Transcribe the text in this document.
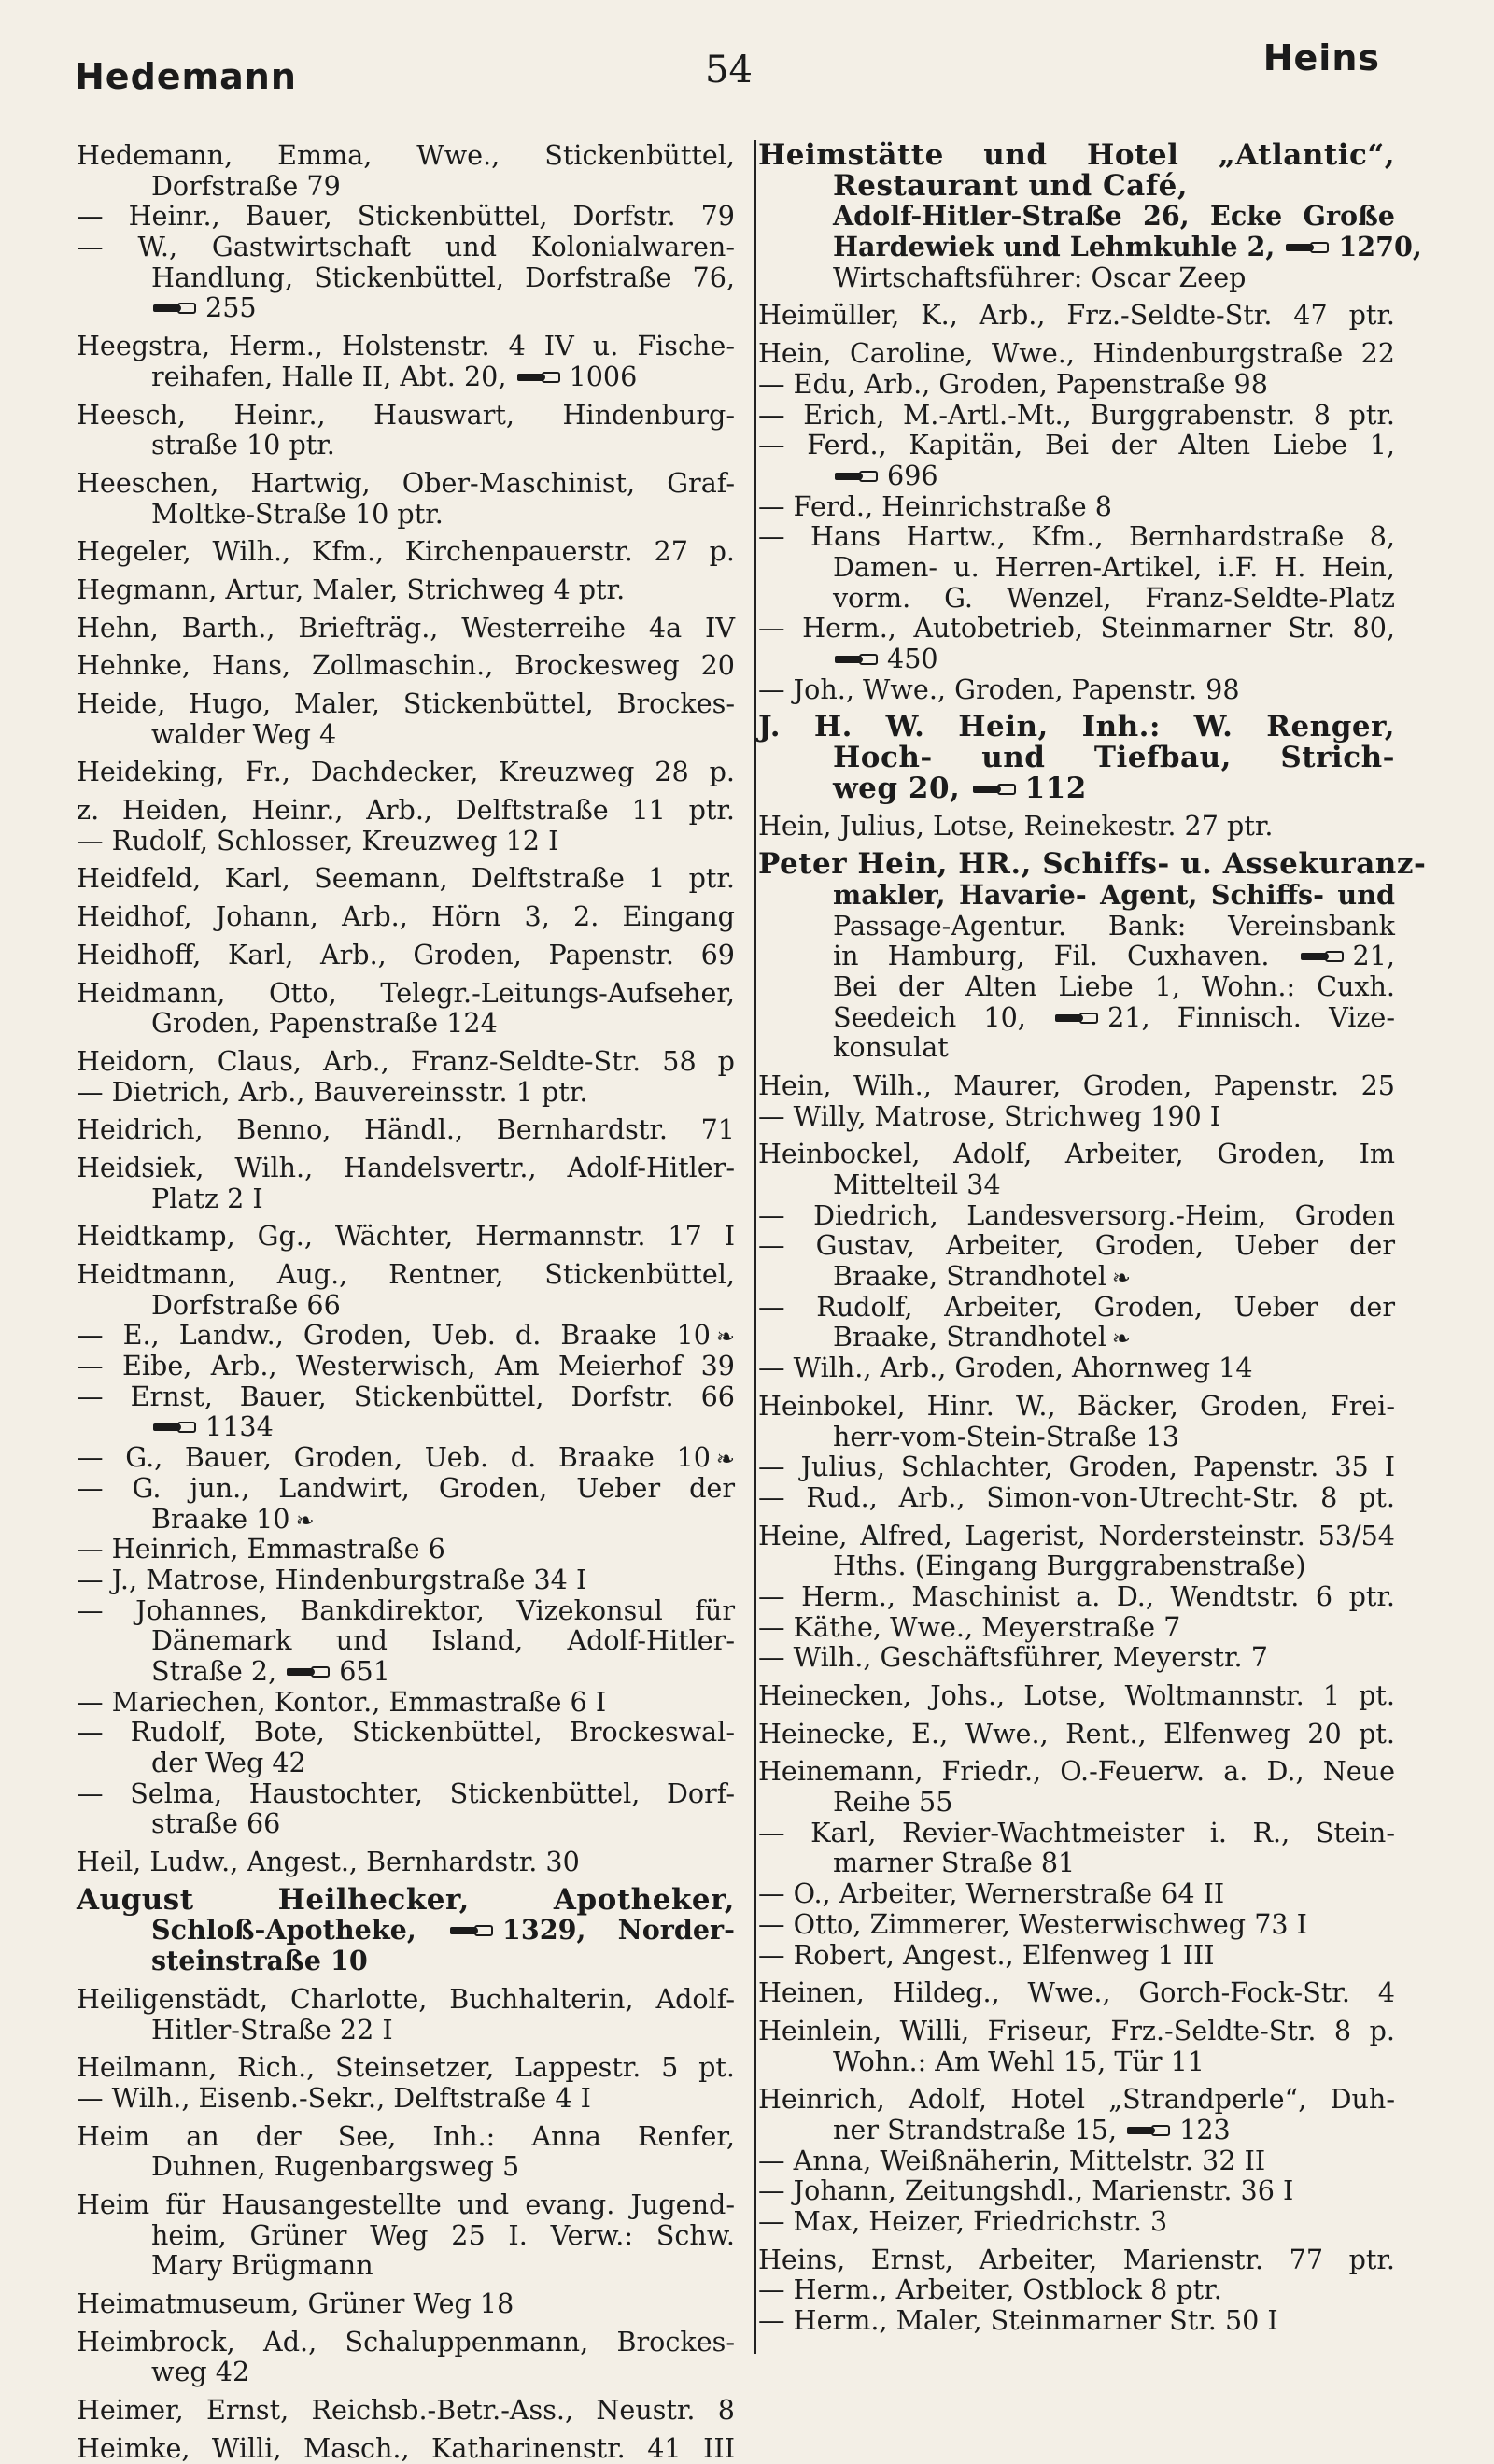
Hedemann	54	Heins
Hedemann, Emma, Wwe., Stickenbüttel,
Dorfstraße 79
— Heinr., Bauer, Stickenbüttel, Dorfstr. 79
— W., Gastwirtschaft und Kolonialwaren-
Handlung, Stickenbüttel, Dorfstraße 76,
255
Heegstra, Herm., Holstenstr. 4 IV u. Fische-
reihafen, Halle II, Abt. 20, 1006
Heesch, Heinr., Hauswart, Hindenburg-
straße 10 ptr.
Heeschen, Hartwig, Ober-Maschinist, Graf-
Moltke-Straße 10 ptr.
Hegeler, Wilh., Kfm., Kirchenpauerstr. 27 p.
Hegmann, Artur, Maler, Strichweg 4 ptr.
Hehn, Barth., Briefträg., Westerreihe 4a IV
Hehnke, Hans, Zollmaschin., Brockesweg 20
Heide, Hugo, Maler, Stickenbüttel, Brockes-
walder Weg 4
Heideking, Fr., Dachdecker, Kreuzweg 28 p.
z. Heiden, Heinr., Arb., Delftstraße 11 ptr.
— Rudolf, Schlosser, Kreuzweg 12 I
Heidfeld, Karl, Seemann, Delftstraße 1 ptr.
Heidhof, Johann, Arb., Hörn 3, 2. Eingang
Heidhoff, Karl, Arb., Groden, Papenstr. 69
Heidmann, Otto, Telegr.-Leitungs-Aufseher,
Groden, Papenstraße 124
Heidorn, Claus, Arb., Franz-Seldte-Str. 58 p
— Dietrich, Arb., Bauvereinsstr. 1 ptr.
Heidrich, Benno, Händl., Bernhardstr. 71
Heidsiek, Wilh., Handelsvertr., Adolf-Hitler-
Platz 2 I
Heidtkamp, Gg., Wächter, Hermannstr. 17 I
Heidtmann, Aug., Rentner, Stickenbüttel,
Dorfstraße 66
— E., Landw., Groden, Ueb. d. Braake 10 ❧
— Eibe, Arb., Westerwisch, Am Meierhof 39
— Ernst, Bauer, Stickenbüttel, Dorfstr. 66
1134
— G., Bauer, Groden, Ueb. d. Braake 10 ❧
— G. jun., Landwirt, Groden, Ueber der
Braake 10 ❧
— Heinrich, Emmastraße 6
— J., Matrose, Hindenburgstraße 34 I
— Johannes, Bankdirektor, Vizekonsul für
Dänemark und Island, Adolf-Hitler-
Straße 2, 651
— Mariechen, Kontor., Emmastraße 6 I
— Rudolf, Bote, Stickenbüttel, Brockeswal-
der Weg 42
— Selma, Haustochter, Stickenbüttel, Dorf-
straße 66
Heil, Ludw., Angest., Bernhardstr. 30
August Heilhecker, Apotheker,
Schloß-Apotheke,	1329, Norder-
steinstraße 10
Heiligenstädt, Charlotte, Buchhalterin, Adolf-
Hitler-Straße 22 I
Heilmann, Rich., Steinsetzer, Lappestr. 5 pt.
— Wilh., Eisenb.-Sekr., Delftstraße 4 I
Heim an der See, Inh.: Anna Renfer,
Duhnen, Rugenbargsweg 5
Heim für Hausangestellte und evang. Jugend-
heim, Grüner Weg 25 I. Verw.: Schw.
Mary Brügmann
Heimatmuseum, Grüner Weg 18
Heimbrock, Ad., Schaluppenmann, Brockes-
weg 42
Heimer, Ernst, Reichsb.-Betr.-Ass., Neustr. 8
Heimke, Willi, Masch., Katharinenstr. 41 III
Heimstätte und Hotel „Atlantic“,
Restaurant und Café,
Adolf-Hitler-Straße 26, Ecke Große
Hardewiek und Lehmkuhle 2, 1270,
Wirtschaftsführer: Oscar Zeep
Heimüller, K., Arb., Frz.-Seldte-Str. 47 ptr.
Hein, Caroline, Wwe., Hindenburgstraße 22
— Edu, Arb., Groden, Papenstraße 98
— Erich, M.-Artl.-Mt., Burggrabenstr. 8 ptr.
— Ferd., Kapitän, Bei der Alten Liebe 1,
696
— Ferd., Heinrichstraße 8
— Hans Hartw., Kfm., Bernhardstraße 8,
Damen- u. Herren-Artikel, i.F. H. Hein,
vorm. G. Wenzel, Franz-Seldte-Platz
— Herm., Autobetrieb, Steinmarner Str. 80,
450
— Joh., Wwe., Groden, Papenstr. 98
J. H. W. Hein, Inh.: W. Renger,
Hoch- und Tiefbau, Strich-
weg 20, 112
Hein, Julius, Lotse, Reinekestr. 27 ptr.
Peter Hein, HR., Schiffs- u. Assekuranz-
makler, Havarie- Agent, Schiffs- und
Passage-Agentur. Bank: Vereinsbank
in Hamburg, Fil. Cuxhaven.	21,
Bei der Alten Liebe 1, Wohn.: Cuxh.
Seedeich 10,	21, Finnisch. Vize-
konsulat
Hein, Wilh., Maurer, Groden, Papenstr. 25
— Willy, Matrose, Strichweg 190 I
Heinbockel, Adolf, Arbeiter, Groden, Im
Mittelteil 34
— Diedrich, Landesversorg.-Heim, Groden
— Gustav, Arbeiter, Groden, Ueber der
Braake, Strandhotel ❧
— Rudolf, Arbeiter, Groden, Ueber der
Braake, Strandhotel ❧
— Wilh., Arb., Groden, Ahornweg 14
Heinbokel, Hinr. W., Bäcker, Groden, Frei-
herr-vom-Stein-Straße 13
— Julius, Schlachter, Groden, Papenstr. 35 I
— Rud., Arb., Simon-von-Utrecht-Str. 8 pt.
Heine, Alfred, Lagerist, Nordersteinstr. 53/54
Hths. (Eingang Burggrabenstraße)
— Herm., Maschinist a. D., Wendtstr. 6 ptr.
— Käthe, Wwe., Meyerstraße 7
— Wilh., Geschäftsführer, Meyerstr. 7
Heinecken, Johs., Lotse, Woltmannstr. 1 pt.
Heinecke, E., Wwe., Rent., Elfenweg 20 pt.
Heinemann, Friedr., O.-Feuerw. a. D., Neue
Reihe 55
— Karl, Revier-Wachtmeister i. R., Stein-
marner Straße 81
— O., Arbeiter, Wernerstraße 64 II
— Otto, Zimmerer, Westerwischweg 73 I
— Robert, Angest., Elfenweg 1 III
Heinen, Hildeg., Wwe., Gorch-Fock-Str. 4
Heinlein, Willi, Friseur, Frz.-Seldte-Str. 8 p.
Wohn.: Am Wehl 15, Tür 11
Heinrich, Adolf, Hotel „Strandperle“, Duh-
ner Strandstraße 15, 123
— Anna, Weißnäherin, Mittelstr. 32 II
— Johann, Zeitungshdl., Marienstr. 36 I
— Max, Heizer, Friedrichstr. 3
Heins, Ernst, Arbeiter, Marienstr. 77 ptr.
— Herm., Arbeiter, Ostblock 8 ptr.
— Herm., Maler, Steinmarner Str. 50 I
